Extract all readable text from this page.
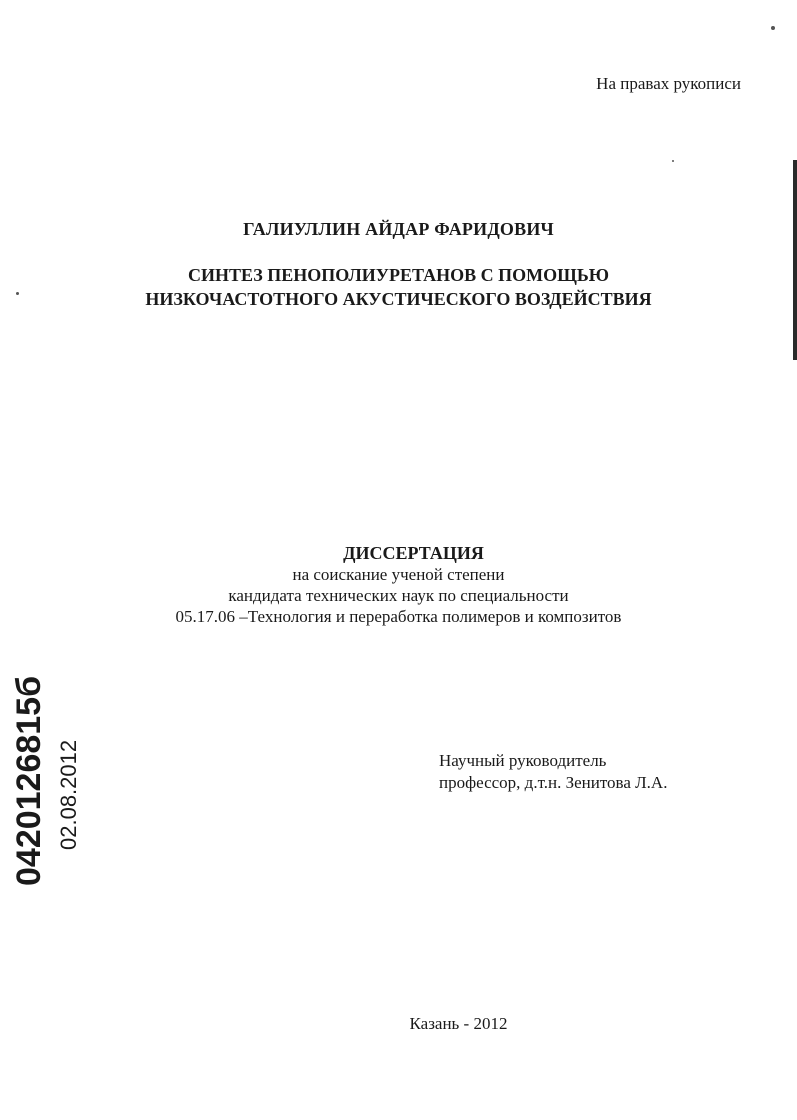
На правах рукописи
ГАЛИУЛЛИН АЙДАР ФАРИДОВИЧ
СИНТЕЗ ПЕНОПОЛИУРЕТАНОВ С ПОМОЩЬЮ
НИЗКОЧАСТОТНОГО АКУСТИЧЕСКОГО ВОЗДЕЙСТВИЯ
ДИССЕРТАЦИЯ
на соискание ученой степени
кандидата технических наук по специальности
05.17.06 –Технология и переработка полимеров и композитов
Научный руководитель
профессор, д.т.н. Зенитова Л.А.
Казань - 2012
0420126815б 02.08.2012
